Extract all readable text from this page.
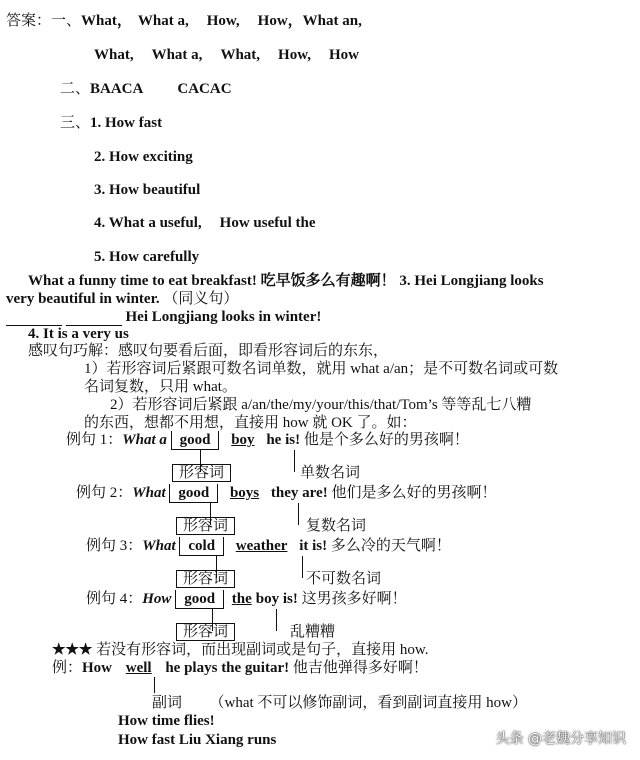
答案：一、What， What a, How, How，What an,
What, What a, What, How, How
二、BAACA CACAC
三、1. How fast
2. How exciting
3. How beautiful
4. What a useful, How useful the
5. How carefully
What a funny time to eat breakfast! 吃早饭多么有趣啊！ 3. Hei Longjiang looks
very beautiful in winter. （同义句）
Hei Longjiang looks in winter!
4. It is a very us
感叹句巧解：感叹句要看后面，即看形容词后的东东，
1）若形容词后紧跟可数名词单数，就用 what a/an；是不可数名词或可数
名词复数，只用 what。
2）若形容词后紧跟 a/an/the/my/your/this/that/Tom’s 等等乱七八糟
的东西，想都不用想，直接用 how 就 OK 了。如：
例句 1：What a good boy he is! 他是个多么好的男孩啊！
形容词	单数名词
例句 2：What good boys they are! 他们是多么好的男孩啊！
形容词	复数名词
例句 3：What cold weather it is! 多么冷的天气啊！
形容词	不可数名词
例句 4：How good the boy is! 这男孩多好啊！
形容词	乱糟糟
★★★ 若没有形容词，而出现副词或是句子，直接用 how.
例：How well he plays the guitar! 他吉他弹得多好啊！
副词 （what 不可以修饰副词，看到副词直接用 how）
How time flies!
How fast Liu Xiang runs	头条 @老魏分享知识
